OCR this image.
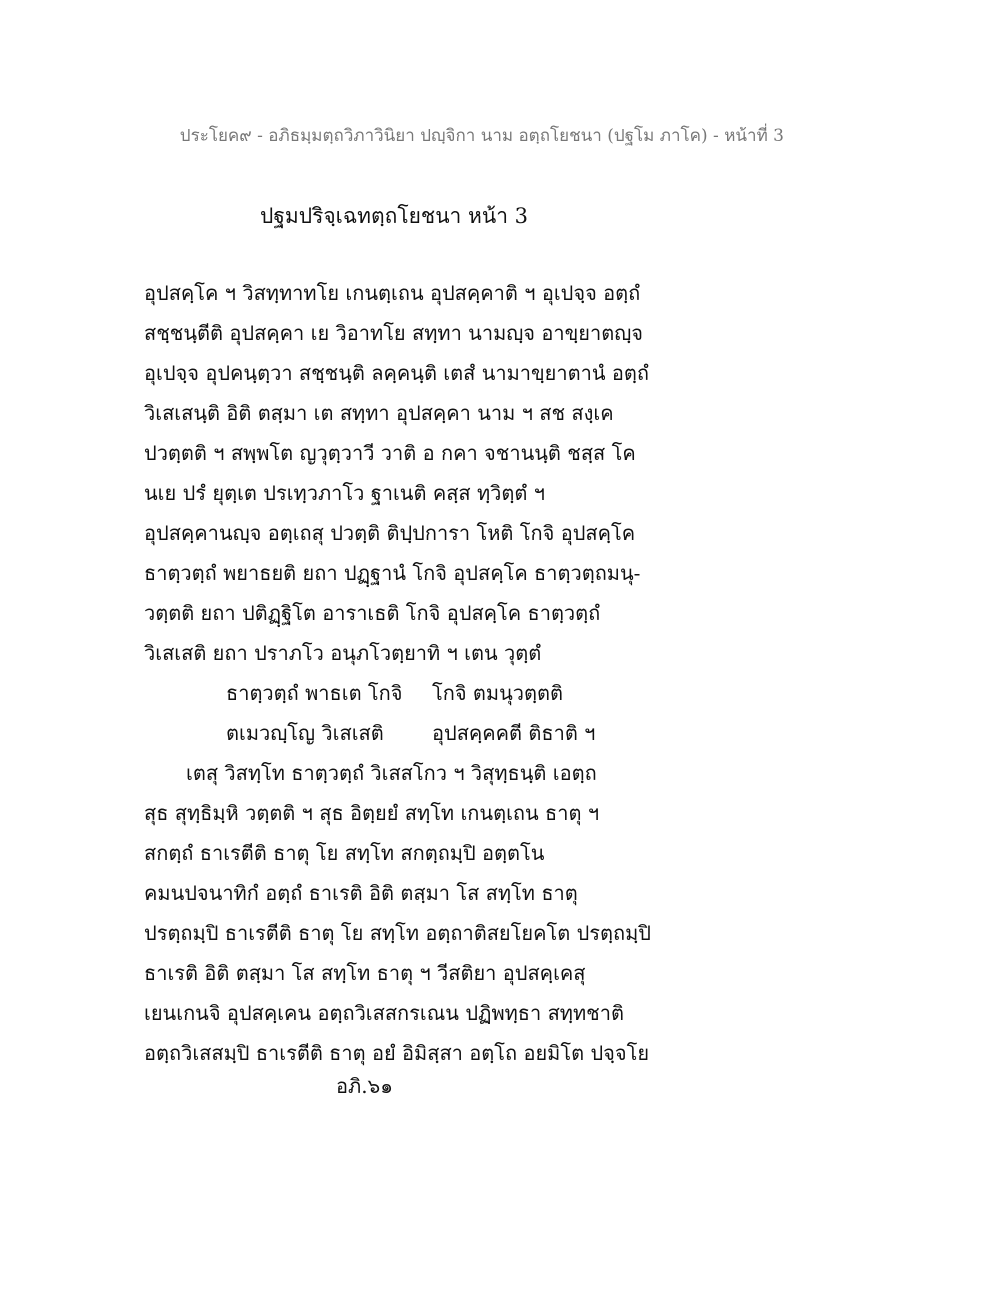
ประโยค๙ - อภิธมฺมตฺถวิภาวินิยา ปญฺจิกา นาม อตฺถโยชนา (ปฐโม ภาโค) - หน้าที่ 3
ปฐมปริจฺเฉทตฺถโยชนา หน้า 3
อุปสคฺโค ฯ วิสทฺทาทโย เกนตฺเถน อุปสคฺคาติ ฯ อุเปจฺจ อตฺถํ
สชฺชนฺตีติ อุปสคฺคา เย วิอาทโย สทฺทา นามญฺจ อาขฺยาตญฺจ
อุเปจฺจ อุปคนฺตฺวา สชฺชนฺติ ลคฺคนฺติ เตสํ นามาขฺยาตานํ อตฺถํ
วิเสเสนฺติ อิติ ตสฺมา เต สทฺทา อุปสคฺคา นาม ฯ สช สงฺเค
ปวตฺตติ ฯ สพฺพโต ญวุตฺวาวี วาติ อ กคา จชานนฺติ ชสฺส โค
นเย ปรํ ยุตฺเต ปรเทฺวภาโว ฐาเนติ คสฺส ทฺวิตฺตํ ฯ
อุปสคฺคานญฺจ อตฺเถสุ ปวตฺติ ติปฺปการา โหติ โกจิ อุปสคฺโค
ธาตฺวตฺถํ พยาธยติ ยถา ปฏฺฐานํ โกจิ อุปสคฺโค ธาตฺวตฺถมนุ-
วตฺตติ ยถา ปติฏฺฐิโต อาราเธติ โกจิ อุปสคฺโค ธาตฺวตฺถํ
วิเสเสติ ยถา ปราภโว อนุภโวตฺยาทิ ฯ เตน วุตฺตํ
ธาตฺวตฺถํ พาธเต โกจิ โกจิ ตมนุวตฺตติ
ตเมวญฺโญ วิเสเสติ อุปสคฺคคตี ติธาติ ฯ
เตสุ วิสทฺโท ธาตฺวตฺถํ วิเสสโกว ฯ วิสุทฺธนฺติ เอตฺถ
สุธ สุทฺธิมฺหิ วตฺตติ ฯ สุธ อิตฺยยํ สทฺโท เกนตฺเถน ธาตุ ฯ
สกตฺถํ ธาเรตีติ ธาตุ โย สทฺโท สกตฺถมฺปิ อตฺตโน
คมนปจนาทิกํ อตฺถํ ธาเรติ อิติ ตสฺมา โส สทฺโท ธาตุ
ปรตฺถมฺปิ ธาเรตีติ ธาตุ โย สทฺโท อตฺถาติสยโยคโต ปรตฺถมฺปิ
ธาเรติ อิติ ตสฺมา โส สทฺโท ธาตุ ฯ วีสติยา อุปสคฺเคสุ
เยนเกนจิ อุปสคฺเคน อตฺถวิเสสกรเณน ปฏิพทฺธา สทฺทชาติ
อตฺถวิเสสมฺปิ ธาเรตีติ ธาตุ อยํ อิมิสฺสา อตฺโถ อยมิโต ปจฺจโย
อภิ.๖๑
